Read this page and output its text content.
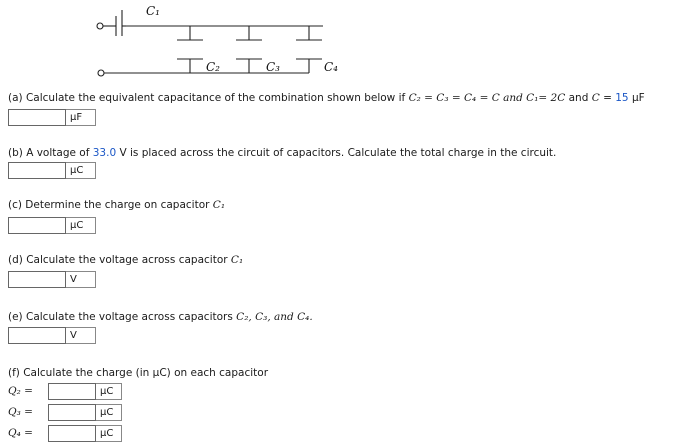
C₁
C₂	C₃	C₄
(a) Calculate the equivalent capacitance of the combination shown below if C₂ = C₃ = C₄ = C and C₁= 2C and C = 15 μF
μF
(b) A voltage of 33.0 V is placed across the circuit of capacitors. Calculate the total charge in the circuit.
μC
(c) Determine the charge on capacitor C₁
μC
(d) Calculate the voltage across capacitor C₁
V
(e) Calculate the voltage across capacitors C₂, C₃, and C₄.
V
(f) Calculate the charge (in μC) on each capacitor
Q₂ =	μC
Q₃ =	μC
Q₄ =	μC
